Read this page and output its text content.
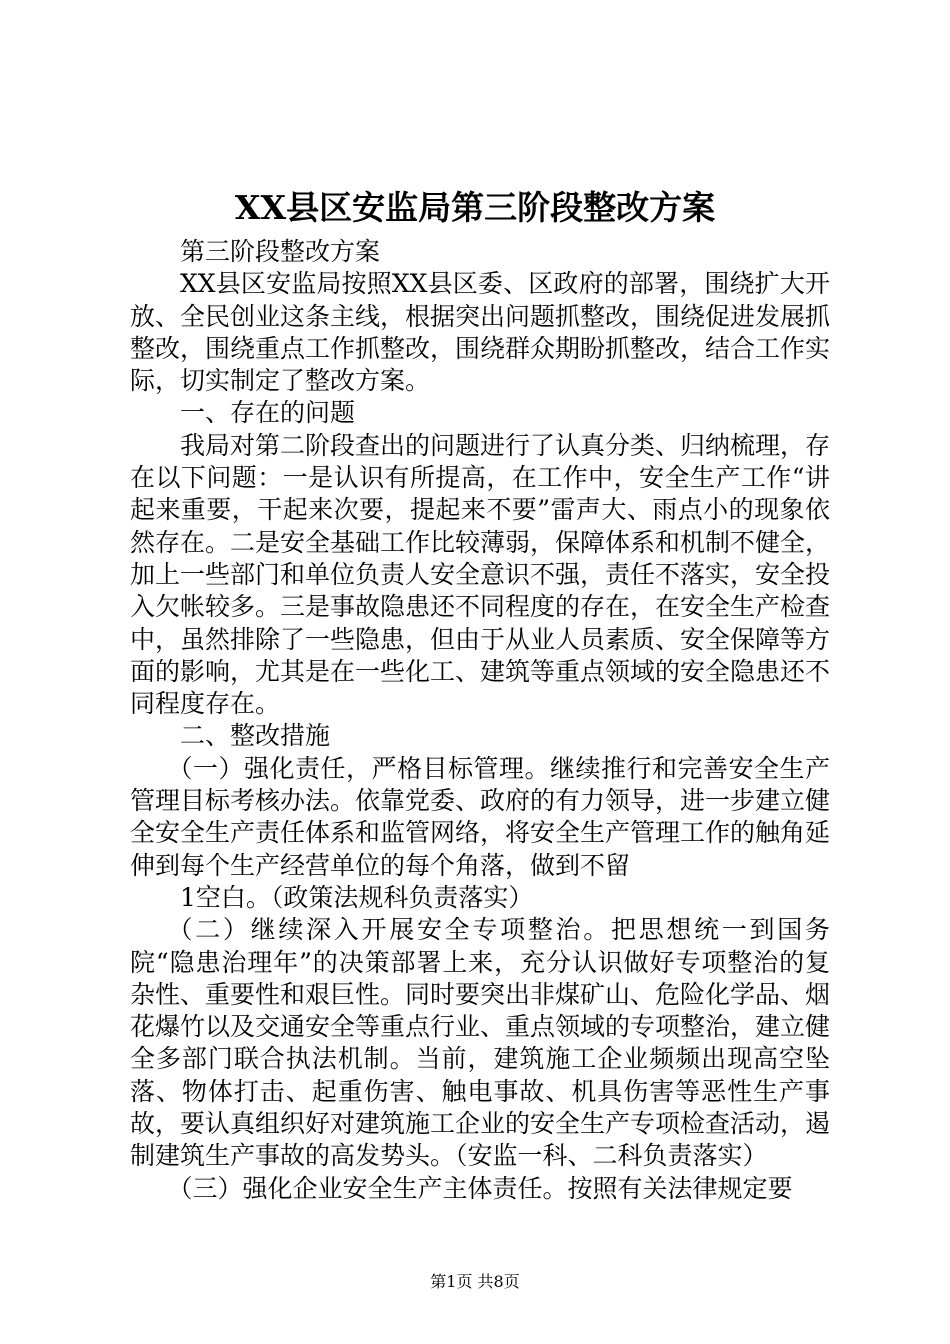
XX县区安监局第三阶段整改方案

第三阶段整改方案

XX县区安监局按照XX县区委、区政府的部署，围绕扩大开放、全民创业这条主线，根据突出问题抓整改，围绕促进发展抓整改，围绕重点工作抓整改，围绕群众期盼抓整改，结合工作实际，切实制定了整改方案。

一、存在的问题

我局对第二阶段查出的问题进行了认真分类、归纳梳理，存在以下问题：一是认识有所提高，在工作中，安全生产工作“讲起来重要，干起来次要，提起来不要”雷声大、雨点小的现象依然存在。二是安全基础工作比较薄弱，保障体系和机制不健全，加上一些部门和单位负责人安全意识不强，责任不落实，安全投入欠帐较多。三是事故隐患还不同程度的存在，在安全生产检查中，虽然排除了一些隐患，但由于从业人员素质、安全保障等方面的影响，尤其是在一些化工、建筑等重点领域的安全隐患还不同程度存在。

二、整改措施

（一）强化责任，严格目标管理。继续推行和完善安全生产管理目标考核办法。依靠党委、政府的有力领导，进一步建立健全安全生产责任体系和监管网络，将安全生产管理工作的触角延伸到每个生产经营单位的每个角落，做到不留

1空白。（政策法规科负责落实）

（二）继续深入开展安全专项整治。把思想统一到国务院“隐患治理年”的决策部署上来，充分认识做好专项整治的复杂性、重要性和艰巨性。同时要突出非煤矿山、危险化学品、烟花爆竹以及交通安全等重点行业、重点领域的专项整治，建立健全多部门联合执法机制。当前，建筑施工企业频频出现高空坠落、物体打击、起重伤害、触电事故、机具伤害等恶性生产事故，要认真组织好对建筑施工企业的安全生产专项检查活动，遏制建筑生产事故的高发势头。（安监一科、二科负责落实）

（三）强化企业安全生产主体责任。按照有关法律规定要

第1页 共8页
